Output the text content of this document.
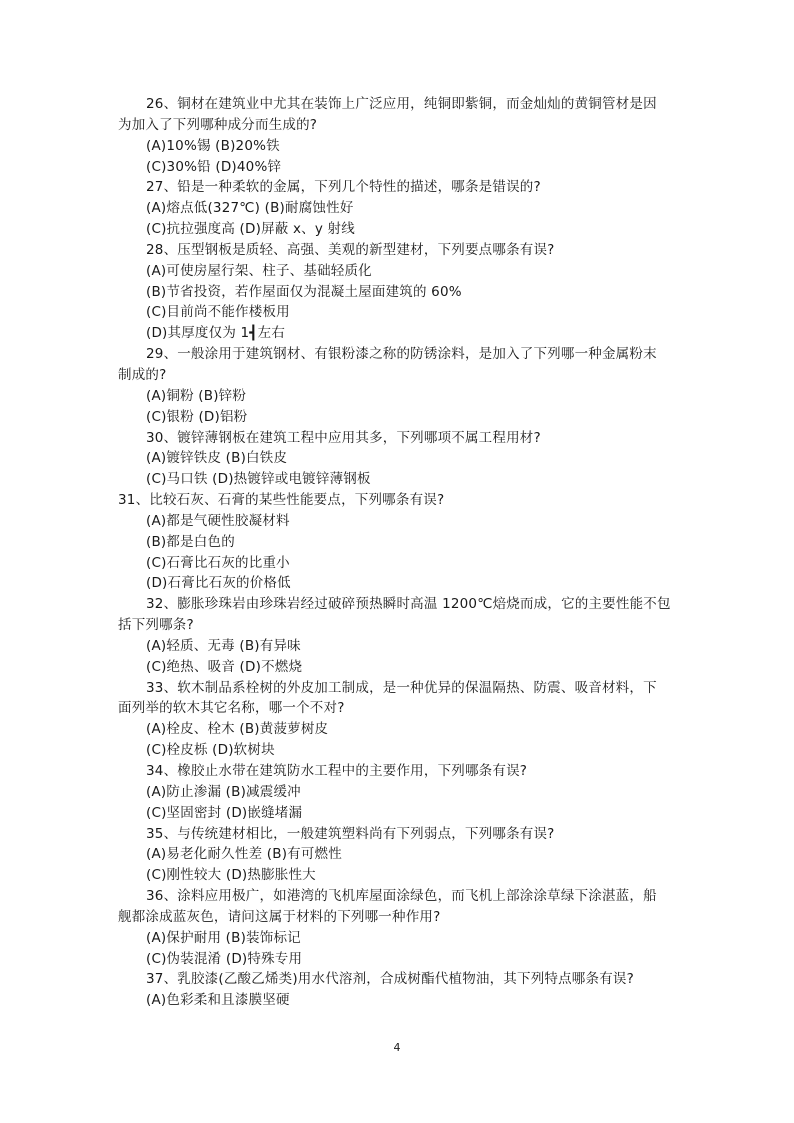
26、铜材在建筑业中尤其在装饰上广泛应用，纯铜即紫铜，而金灿灿的黄铜管材是因
为加入了下列哪种成分而生成的?
(A)10%锡 (B)20%铁
(C)30%铅 (D)40%锌
27、铅是一种柔软的金属，下列几个特性的描述，哪条是错误的?
(A)熔点低(327℃) (B)耐腐蚀性好
(C)抗拉强度高 (D)屏蔽 x、y 射线
28、压型钢板是质轻、高强、美观的新型建材，下列要点哪条有误?
(A)可使房屋行架、柱子、基础轻质化
(B)节省投资，若作屋面仅为混凝土屋面建筑的 60%
(C)目前尚不能作楼板用
(D)其厚度仅为 1┫左右
29、一般涂用于建筑钢材、有银粉漆之称的防锈涂料，是加入了下列哪一种金属粉末
制成的?
(A)铜粉 (B)锌粉
(C)银粉 (D)铝粉
30、镀锌薄钢板在建筑工程中应用其多，下列哪项不属工程用材?
(A)镀锌铁皮 (B)白铁皮
(C)马口铁 (D)热镀锌或电镀锌薄钢板
31、比较石灰、石膏的某些性能要点，下列哪条有误?
(A)都是气硬性胶凝材料
(B)都是白色的
(C)石膏比石灰的比重小
(D)石膏比石灰的价格低
32、膨胀珍珠岩由珍珠岩经过破碎预热瞬时高温 1200℃焙烧而成，它的主要性能不包
括下列哪条?
(A)轻质、无毒 (B)有异味
(C)绝热、吸音 (D)不燃烧
33、软木制品系栓树的外皮加工制成，是一种优异的保温隔热、防震、吸音材料，下
面列举的软木其它名称，哪一个不对?
(A)栓皮、栓木 (B)黄菠萝树皮
(C)栓皮栎 (D)软树块
34、橡胶止水带在建筑防水工程中的主要作用，下列哪条有误?
(A)防止渗漏 (B)减震缓冲
(C)坚固密封 (D)嵌缝堵漏
35、与传统建材相比，一般建筑塑料尚有下列弱点，下列哪条有误?
(A)易老化耐久性差 (B)有可燃性
(C)刚性较大 (D)热膨胀性大
36、涂料应用极广，如港湾的飞机库屋面涂绿色，而飞机上部涂涂草绿下涂湛蓝，船
舰都涂成蓝灰色，请问这属于材料的下列哪一种作用?
(A)保护耐用 (B)装饰标记
(C)伪装混淆 (D)特殊专用
37、乳胶漆(乙酸乙烯类)用水代溶剂，合成树酯代植物油，其下列特点哪条有误?
(A)色彩柔和且漆膜坚硬
4
